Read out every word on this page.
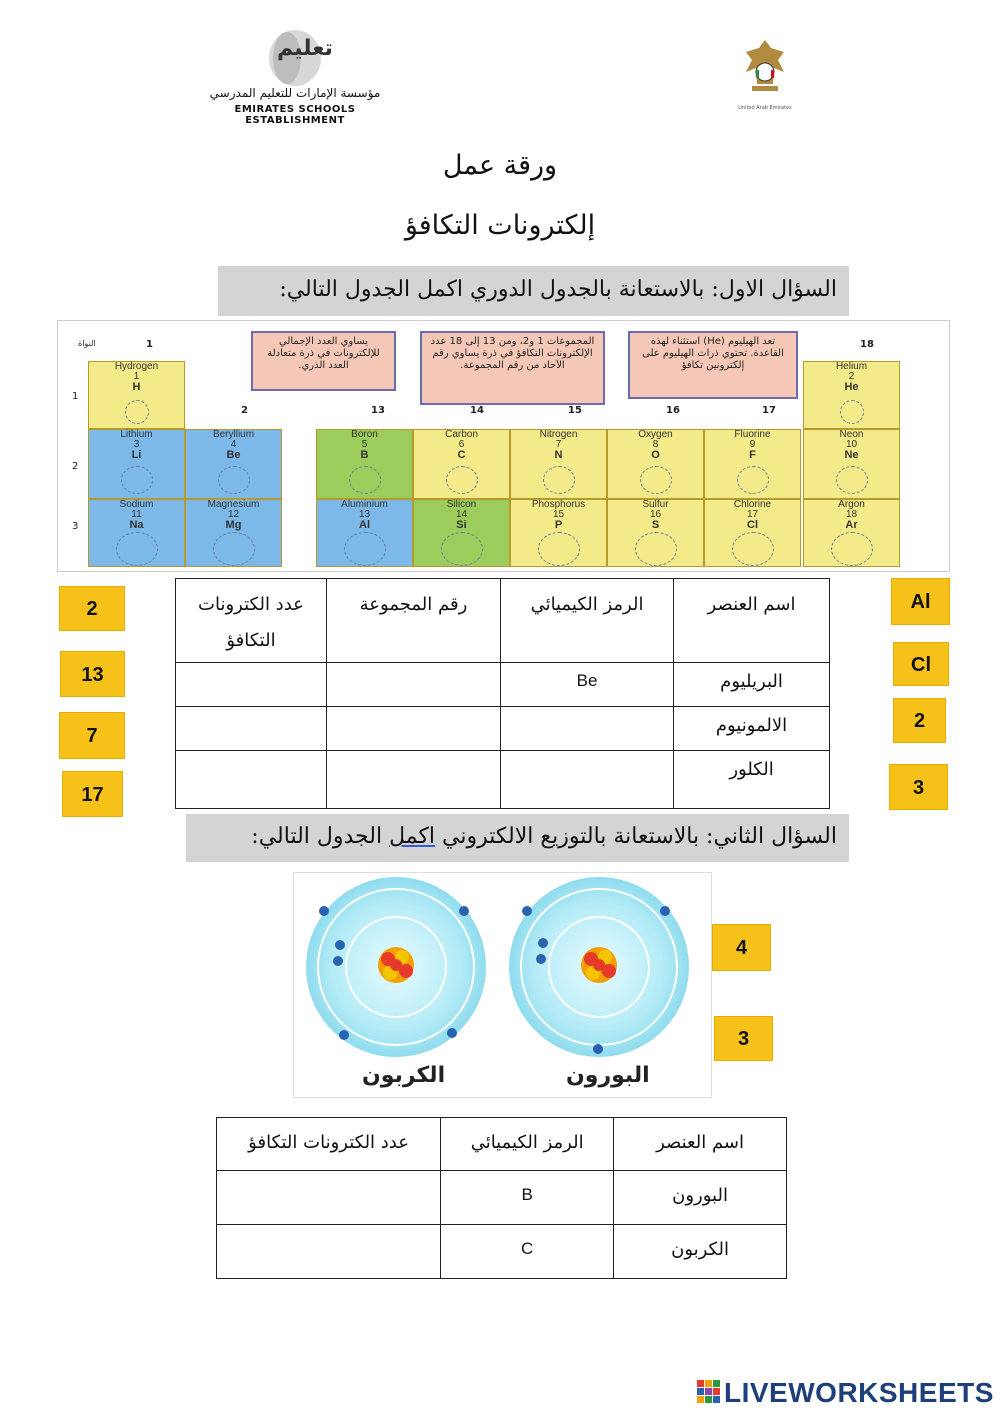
تعليم
مؤسسة الإمارات للتعليم المدرسي
EMIRATES SCHOOLS ESTABLISHMENT
United Arab Emirates
ورقة عمل
إلكترونات التكافؤ
السؤال الاول: بالاستعانة بالجدول الدوري اكمل الجدول التالي:
1
2	13	14	15	16	17
18
1
2
3
النواة	يساوي العدد الإجمالي للإلكترونات في ذرة متعادلة العدد الذري.
المجموعات 1 و2، ومن 13 إلى 18 عدد الإلكترونات التكافؤ في ذرة يساوي رقم الآحاد من رقم المجموعة.
تعد الهيليوم (He) استثناء لهذه القاعدة. تحتوي ذرات الهيليوم على إلكترونين تكافؤ
Hydrogen
1
H
Helium
2
He
Lithium
3
Li
Beryllium
4
Be
Boron
5
B
Carbon
6
C
Nitrogen
7
N
Oxygen
8
O
Fluorine
9
F
Neon
10
Ne
Sodium
11
Na
Magnesium
12
Mg
Aluminium
13
Al
Silicon
14
Si
Phosphorus
15
P
Sulfur
16
S
Chlorine
17
Cl
Argon
18
Ar
2
13
7
17
Al
Cl
2
3
اسم العنصر	الرمز الكيميائي	رقم المجموعة	عدد الكترونات التكافؤ
البريليوم	Be		
الالمونيوم			
الكلور			
السؤال الثاني: بالاستعانة بالتوزيع الالكتروني اكمل الجدول التالي:
الكربون	البورون
4
3
اسم العنصر	الرمز الكيميائي	عدد الكترونات التكافؤ
البورون	B	
الكربون	C	
LIVEWORKSHEETS
